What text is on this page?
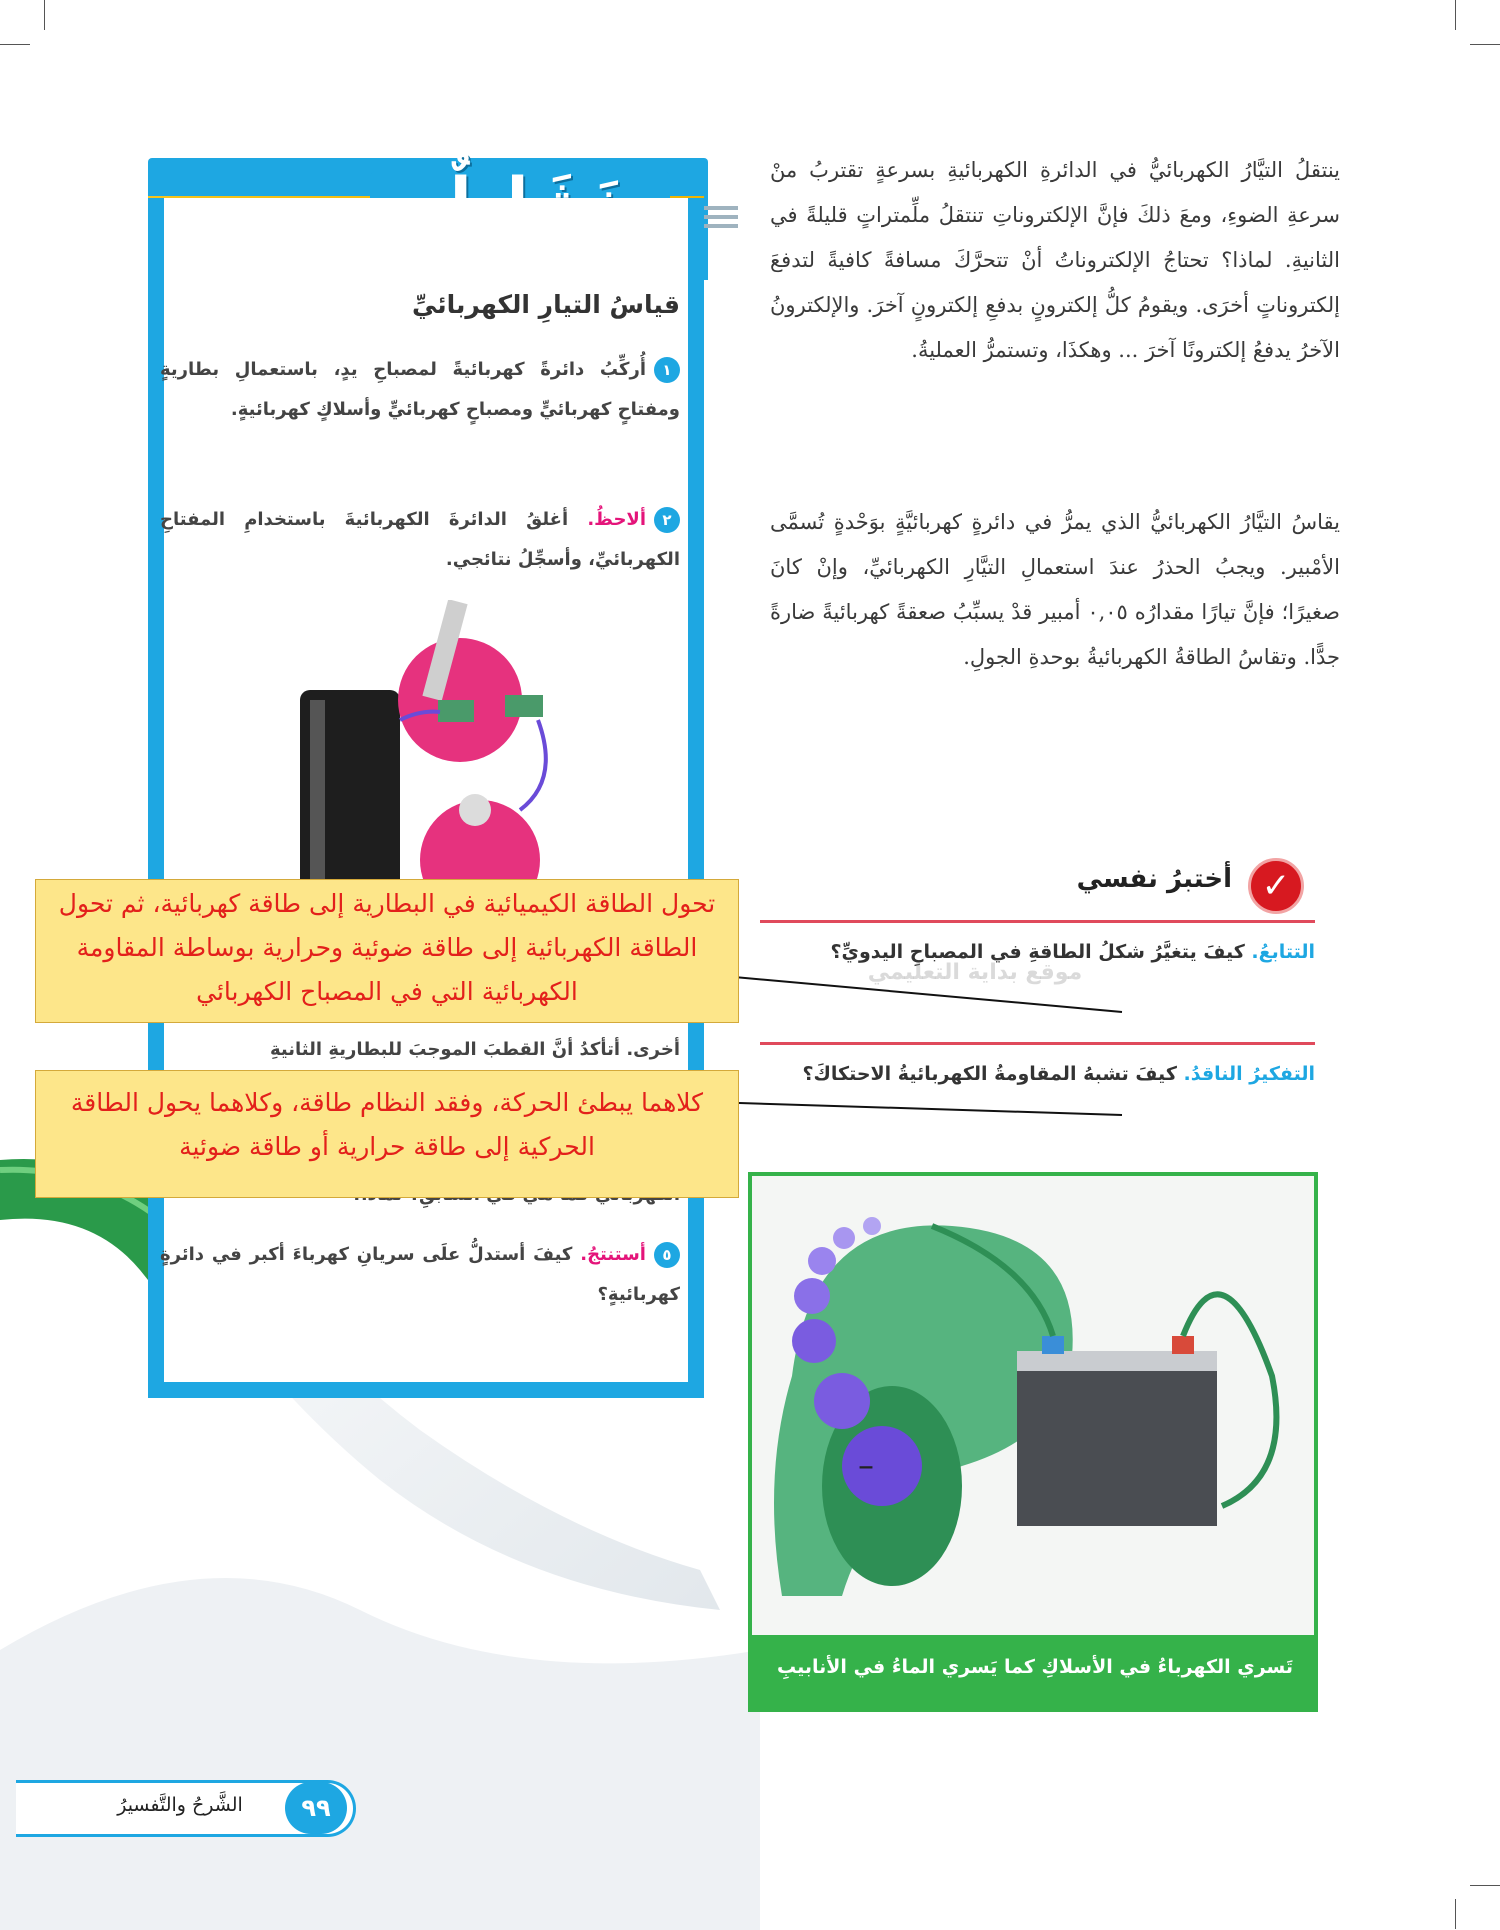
ينتقلُ التيَّارُ الكهربائيُّ في الدائرةِ الكهربائيةِ بسرعةٍ تقتربُ منْ سرعةِ الضوءِ، ومعَ ذلكَ فإنَّ الإلكتروناتِ تنتقلُ ملِّمتراتٍ قليلةً في الثانيةِ. لماذا؟ تحتاجُ الإلكتروناتُ أنْ تتحرَّكَ مسافةً كافيةً لتدفعَ إلكتروناتٍ أخرَى. ويقومُ كلُّ إلكترونٍ بدفعِ إلكترونٍ آخرَ. والإلكترونُ الآخرُ يدفعُ إلكترونًا آخرَ ... وهكذَا، وتستمرُّ العمليةُ.
يقاسُ التيَّارُ الكهربائيُّ الذي يمرُّ في دائرةٍ كهربائيَّةٍ بوَحْدةٍ تُسمَّى الأمْبير. ويجبُ الحذرُ عندَ استعمالِ التيَّارِ الكهربائيِّ، وإنْ كانَ صغيرًا؛ فإنَّ تيارًا مقدارُه ٠,٠٥ أمبير قدْ يسبِّبُ صعقةً كهربائيةً ضارةً جدًّا. وتقاسُ الطاقةُ الكهربائيةُ بوحدةِ الجولِ.
قياسُ التيارِ الكهربائيِّ
١أُركِّبُ دائرةً كهربائيةً لمصباحِ يدٍ، باستعمالِ بطاريةٍ ومفتاحٍ كهربائيٍّ ومصباحٍ كهربائيٍّ وأسلاكٍ كهربائيةٍ.
٢ألاحظُ. أغلقُ الدائرةَ الكهربائيةَ باستخدامِ المفتاحِ الكهربائيِّ، وأسجِّلُ نتائجي.
أخرى. أتأكدُ أنَّ القطبَ الموجبَ للبطاريةِ الثانيةِ
٥أستنتجُ. كيفَ أستدلُّ علَى سريانِ كهرباءَ أكبر في دائرةٍ كهربائيةٍ؟
✓
أختبرُ نفسي
التتابعُ. كيفَ يتغيَّرُ شكلُ الطاقةِ في المصباحِ اليدويِّ؟
التفكيرُ الناقدُ. كيفَ تشبهُ المقاومةُ الكهربائيةُ الاحتكاكَ؟
موقع بداية التعليمي
–
تَسري الكهرباءُ في الأسلاكِ كما يَسري الماءُ في الأنابيبِ
تحول الطاقة الكيميائية في البطارية إلى طاقة كهربائية، ثم تحول الطاقة الكهربائية إلى طاقة ضوئية وحرارية بوساطة المقاومة الكهربائية التي في المصباح الكهربائي
كلاهما يبطئ الحركة، وفقد النظام طاقة، وكلاهما يحول الطاقة الحركية إلى طاقة حرارية أو طاقة ضوئية
٩٩
الشَّرحُ والتَّفسيرُ
